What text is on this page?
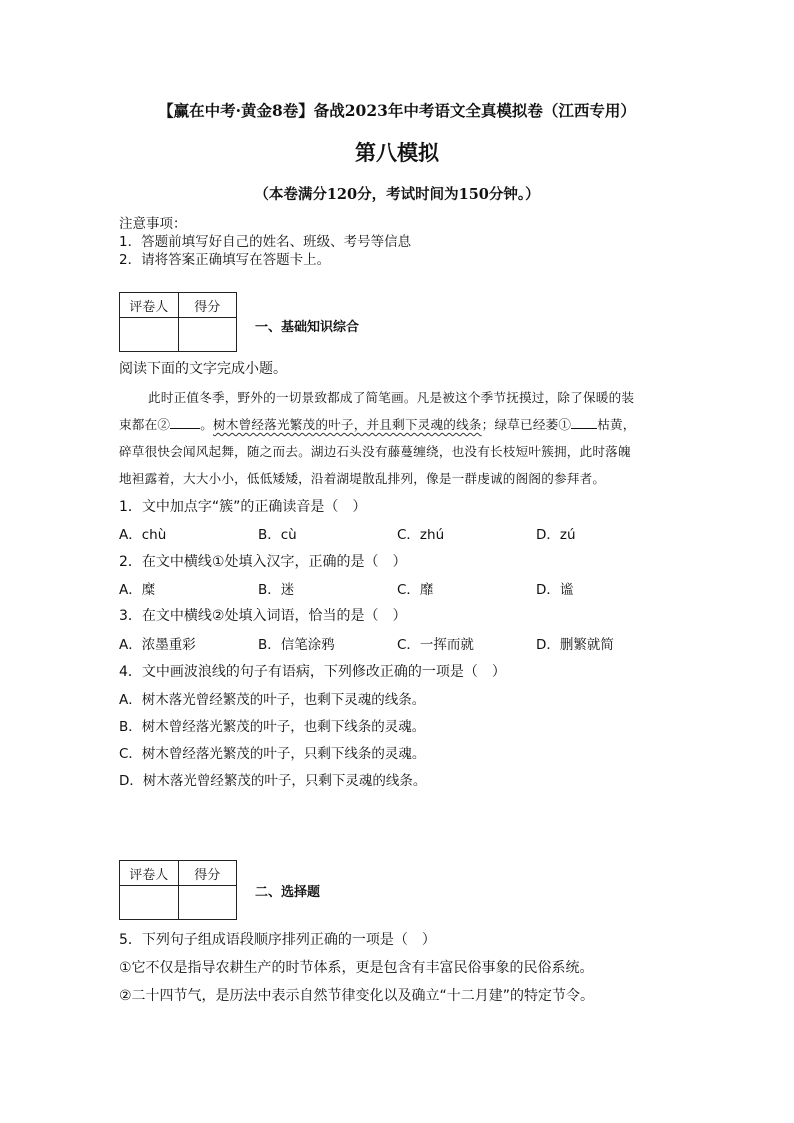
【赢在中考·黄金8卷】备战2023年中考语文全真模拟卷（江西专用）
第八模拟
（本卷满分120分，考试时间为150分钟。）
注意事项：
1．答题前填写好自己的姓名、班级、考号等信息
2．请将答案正确填写在答题卡上。
评卷人	得分

一、基础知识综合
阅读下面的文字完成小题。
此时正值冬季，野外的一切景致都成了简笔画。凡是被这个季节抚摸过，除了保暖的装
束都在② 。树木曾经落光繁茂的叶子，并且剩下灵魂的线条；绿草已经萎① 枯黄，
碎草很快会闻风起舞，随之而去。湖边石头没有藤蔓缠绕，也没有长枝短叶簇拥，此时落魄
地袒露着，大大小小，低低矮矮，沿着湖堤散乱排列，像是一群虔诚的阁阁的参拜者。
1．文中加点字“簇”的正确读音是（　）
A．chù	B．cù	C．zhú	D．zú
2．在文中横线①处填入汉字，正确的是（　）
A．糜	B．迷	C．靡	D．谧
3．在文中横线②处填入词语，恰当的是（　）
A．浓墨重彩	B．信笔涂鸦	C．一挥而就	D．删繁就简
4．文中画波浪线的句子有语病，下列修改正确的一项是（　）
A．树木落光曾经繁茂的叶子，也剩下灵魂的线条。
B．树木曾经落光繁茂的叶子，也剩下线条的灵魂。
C．树木曾经落光繁茂的叶子，只剩下线条的灵魂。
D．树木落光曾经繁茂的叶子，只剩下灵魂的线条。
评卷人	得分

二、选择题
5．下列句子组成语段顺序排列正确的一项是（　）
①它不仅是指导农耕生产的时节体系，更是包含有丰富民俗事象的民俗系统。
②二十四节气，是历法中表示自然节律变化以及确立“十二月建”的特定节令。
